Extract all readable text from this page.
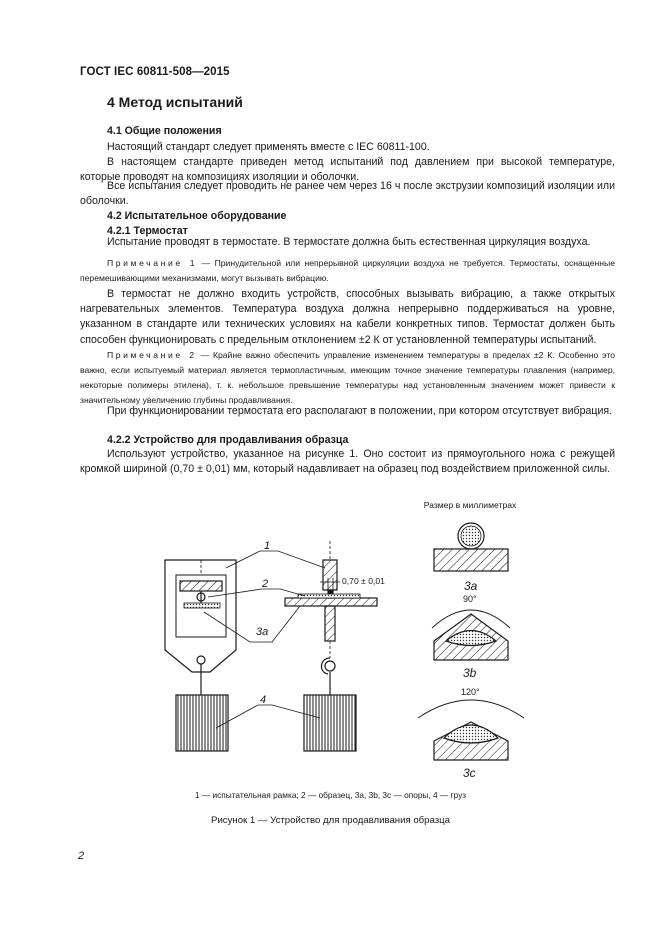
ГОСТ IEC 60811-508—2015
4 Метод испытаний
4.1 Общие положения

Настоящий стандарт следует применять вместе с IEC 60811-100.

В настоящем стандарте приведен метод испытаний под давлением при высокой температуре, которые проводят на композициях изоляции и оболочки.

Все испытания следует проводить не ранее чем через 16 ч после экструзии композиций изоляции или оболочки.

4.2 Испытательное оборудование
4.2.1 Термостат

Испытание проводят в термостате. В термостате должна быть естественная циркуляция воздуха.

Примечание 1 — Принудительной или непрерывной циркуляции воздуха не требуется. Термостаты, оснащенные перемешивающими механизмами, могут вызывать вибрацию.

В термостат не должно входить устройств, способных вызывать вибрацию, а также открытых нагревательных элементов. Температура воздуха должна непрерывно поддерживаться на уровне, указанном в стандарте или технических условиях на кабели конкретных типов. Термостат должен быть способен функционировать с предельным отклонением ±2 К от установленной температуры испытаний.

Примечание 2 — Крайне важно обеспечить управление изменением температуры в пределах ±2 К. Особенно это важно, если испытуемый материал является термопластичным, имеющим точное значение температуры плавления (например, некоторые полимеры этилена), т. к. небольшое превышение температуры над установленным значением может привести к значительному увеличению глубины продавливания.

При функционировании термостата его располагают в положении, при котором отсутствует вибрация.

4.2.2 Устройство для продавливания образца

Используют устройство, указанное на рисунке 1. Оно состоит из прямоугольного ножа с режущей кромкой шириной (0,70 ± 0,01) мм, который надавливает на образец под воздействием приложенной силы.

Размер в миллиметрах
0,70 ± 0,01
1
2
3а
4
3a
90°
3b
120°
3c
1 — испытательная рамка; 2 — образец, 3а, 3b, 3с — опоры, 4 — груз
Рисунок 1 — Устройство для продавливания образца
2
